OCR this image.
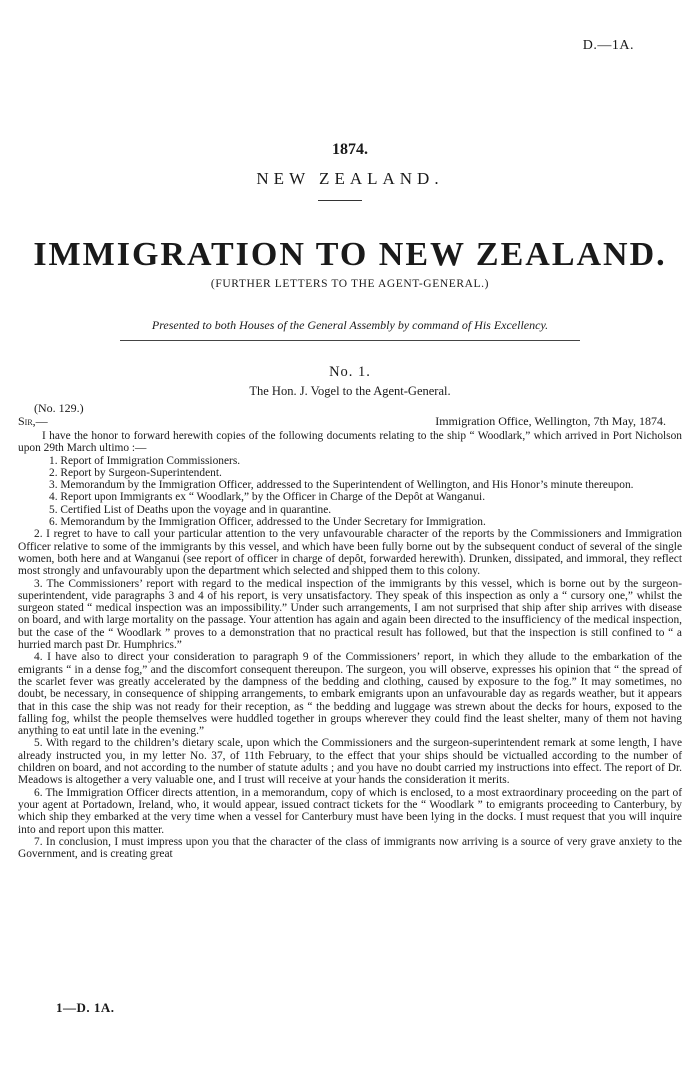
D.—1A.
1874.
NEW ZEALAND.
IMMIGRATION TO NEW ZEALAND.
(FURTHER LETTERS TO THE AGENT-GENERAL.)
Presented to both Houses of the General Assembly by command of His Excellency.
No. 1.
The Hon. J. Vogel to the Agent-General.
(No. 129.)
Sir,—	Immigration Office, Wellington, 7th May, 1874.

I have the honor to forward herewith copies of the following documents relating to the ship “ Woodlark,” which arrived in Port Nicholson upon 29th March ultimo :—

1. Report of Immigration Commissioners.
2. Report by Surgeon-Superintendent.
3. Memorandum by the Immigration Officer, addressed to the Superintendent of Wellington, and His Honor’s minute thereupon.
4. Report upon Immigrants ex “ Woodlark,” by the Officer in Charge of the Depôt at Wanganui.
5. Certified List of Deaths upon the voyage and in quarantine.
6. Memorandum by the Immigration Officer, addressed to the Under Secretary for Immigration.

2. I regret to have to call your particular attention to the very unfavourable character of the reports by the Commissioners and Immigration Officer relative to some of the immigrants by this vessel, and which have been fully borne out by the subsequent conduct of several of the single women, both here and at Wanganui (see report of officer in charge of depôt, forwarded herewith). Drunken, dissipated, and immoral, they reflect most strongly and unfavourably upon the department which selected and shipped them to this colony.

3. The Commissioners’ report with regard to the medical inspection of the immigrants by this vessel, which is borne out by the surgeon-superintendent, vide paragraphs 3 and 4 of his report, is very unsatisfactory. They speak of this inspection as only a “ cursory one,” whilst the surgeon stated “ medical inspection was an impossibility.” Under such arrangements, I am not surprised that ship after ship arrives with disease on board, and with large mortality on the passage. Your attention has again and again been directed to the insufficiency of the medical inspection, but the case of the “ Woodlark ” proves to a demonstration that no practical result has followed, but that the inspection is still confined to “ a hurried march past Dr. Humphrics.”

4. I have also to direct your consideration to paragraph 9 of the Commissioners’ report, in which they allude to the embarkation of the emigrants “ in a dense fog,” and the discomfort consequent thereupon. The surgeon, you will observe, expresses his opinion that “ the spread of the scarlet fever was greatly accelerated by the dampness of the bedding and clothing, caused by exposure to the fog.” It may sometimes, no doubt, be necessary, in consequence of shipping arrangements, to embark emigrants upon an unfavourable day as regards weather, but it appears that in this case the ship was not ready for their reception, as “ the bedding and luggage was strewn about the decks for hours, exposed to the falling fog, whilst the people themselves were huddled together in groups wherever they could find the least shelter, many of them not having anything to eat until late in the evening.”

5. With regard to the children’s dietary scale, upon which the Commissioners and the surgeon-superintendent remark at some length, I have already instructed you, in my letter No. 37, of 11th February, to the effect that your ships should be victualled according to the number of children on board, and not according to the number of statute adults ; and you have no doubt carried my instructions into effect. The report of Dr. Meadows is altogether a very valuable one, and I trust will receive at your hands the consideration it merits.

6. The Immigration Officer directs attention, in a memorandum, copy of which is enclosed, to a most extraordinary proceeding on the part of your agent at Portadown, Ireland, who, it would appear, issued contract tickets for the “ Woodlark ” to emigrants proceeding to Canterbury, by which ship they embarked at the very time when a vessel for Canterbury must have been lying in the docks. I must request that you will inquire into and report upon this matter.

7. In conclusion, I must impress upon you that the character of the class of immigrants now arriving is a source of very grave anxiety to the Government, and is creating great

1—D. 1A.
